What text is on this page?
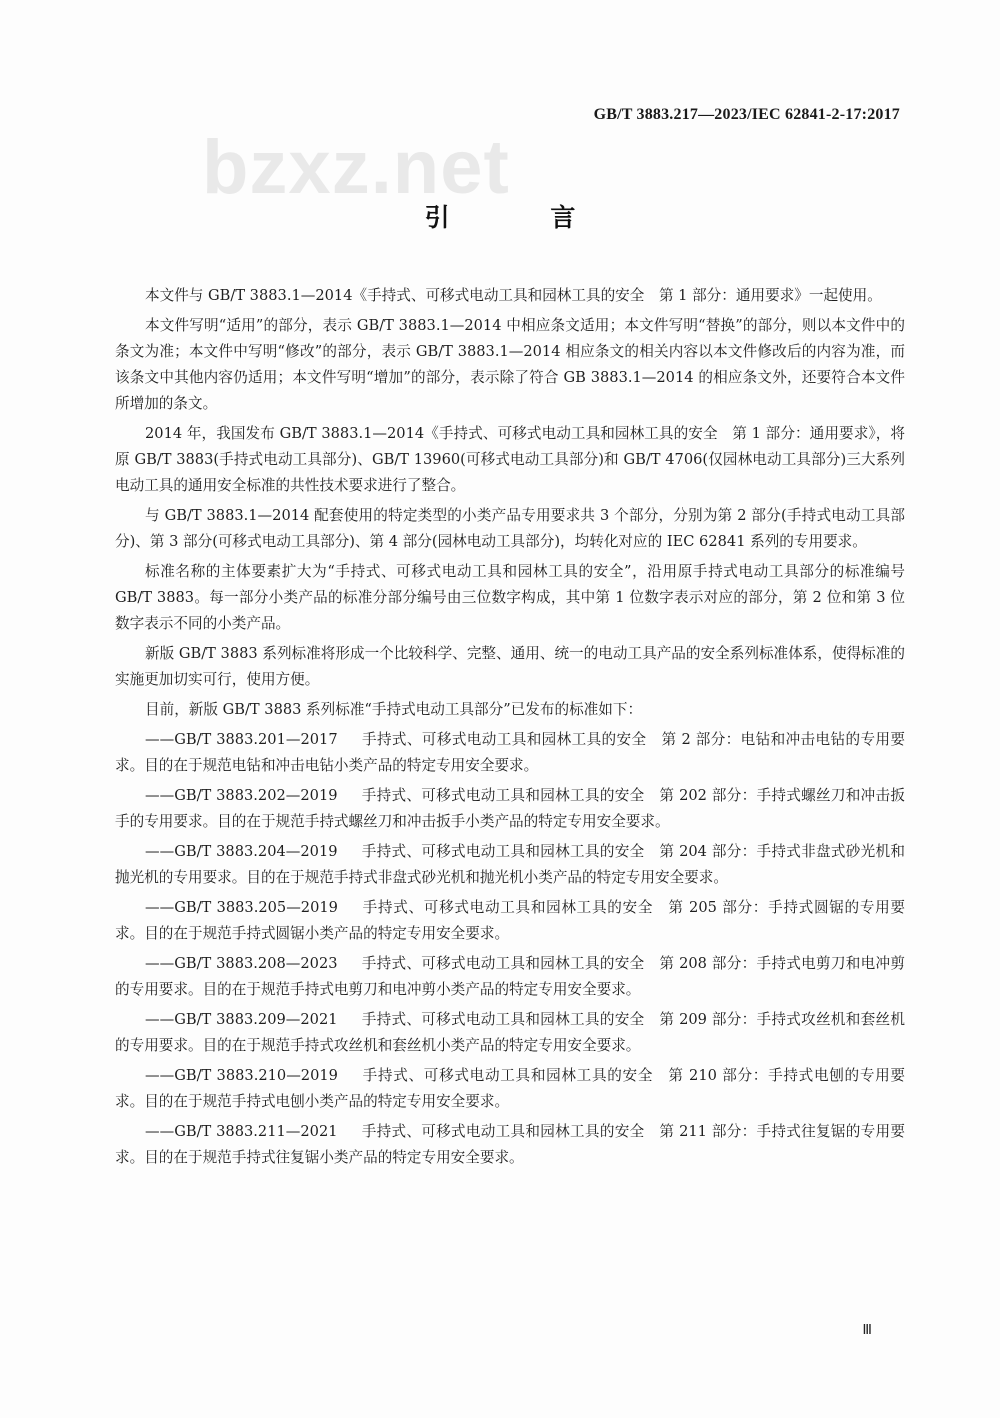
GB/T 3883.217—2023/IEC 62841-2-17:2017
bzxz.net
引 言

本文件与 GB/T 3883.1—2014《手持式、可移式电动工具和园林工具的安全　第 1 部分：通用要求》一起使用。

本文件写明“适用”的部分，表示 GB/T 3883.1—2014 中相应条文适用；本文件写明“替换”的部分，则以本文件中的条文为准；本文件中写明“修改”的部分，表示 GB/T 3883.1—2014 相应条文的相关内容以本文件修改后的内容为准，而该条文中其他内容仍适用；本文件写明“增加”的部分，表示除了符合 GB 3883.1—2014 的相应条文外，还要符合本文件所增加的条文。

2014 年，我国发布 GB/T 3883.1—2014《手持式、可移式电动工具和园林工具的安全　第 1 部分：通用要求》，将原 GB/T 3883(手持式电动工具部分)、GB/T 13960(可移式电动工具部分)和 GB/T 4706(仅园林电动工具部分)三大系列电动工具的通用安全标准的共性技术要求进行了整合。

与 GB/T 3883.1—2014 配套使用的特定类型的小类产品专用要求共 3 个部分，分别为第 2 部分(手持式电动工具部分)、第 3 部分(可移式电动工具部分)、第 4 部分(园林电动工具部分)，均转化对应的 IEC 62841 系列的专用要求。

标准名称的主体要素扩大为“手持式、可移式电动工具和园林工具的安全”，沿用原手持式电动工具部分的标准编号 GB/T 3883。每一部分小类产品的标准分部分编号由三位数字构成，其中第 1 位数字表示对应的部分，第 2 位和第 3 位数字表示不同的小类产品。

新版 GB/T 3883 系列标准将形成一个比较科学、完整、通用、统一的电动工具产品的安全系列标准体系，使得标准的实施更加切实可行，使用方便。

目前，新版 GB/T 3883 系列标准“手持式电动工具部分”已发布的标准如下：

——GB/T 3883.201—2017 手持式、可移式电动工具和园林工具的安全　第 2 部分：电钻和冲击电钻的专用要求。目的在于规范电钻和冲击电钻小类产品的特定专用安全要求。
——GB/T 3883.202—2019 手持式、可移式电动工具和园林工具的安全　第 202 部分：手持式螺丝刀和冲击扳手的专用要求。目的在于规范手持式螺丝刀和冲击扳手小类产品的特定专用安全要求。
——GB/T 3883.204—2019 手持式、可移式电动工具和园林工具的安全　第 204 部分：手持式非盘式砂光机和抛光机的专用要求。目的在于规范手持式非盘式砂光机和抛光机小类产品的特定专用安全要求。
——GB/T 3883.205—2019 手持式、可移式电动工具和园林工具的安全　第 205 部分：手持式圆锯的专用要求。目的在于规范手持式圆锯小类产品的特定专用安全要求。
——GB/T 3883.208—2023 手持式、可移式电动工具和园林工具的安全　第 208 部分：手持式电剪刀和电冲剪的专用要求。目的在于规范手持式电剪刀和电冲剪小类产品的特定专用安全要求。
——GB/T 3883.209—2021 手持式、可移式电动工具和园林工具的安全　第 209 部分：手持式攻丝机和套丝机的专用要求。目的在于规范手持式攻丝机和套丝机小类产品的特定专用安全要求。
——GB/T 3883.210—2019 手持式、可移式电动工具和园林工具的安全　第 210 部分：手持式电刨的专用要求。目的在于规范手持式电刨小类产品的特定专用安全要求。
——GB/T 3883.211—2021 手持式、可移式电动工具和园林工具的安全　第 211 部分：手持式往复锯的专用要求。目的在于规范手持式往复锯小类产品的特定专用安全要求。
Ⅲ
